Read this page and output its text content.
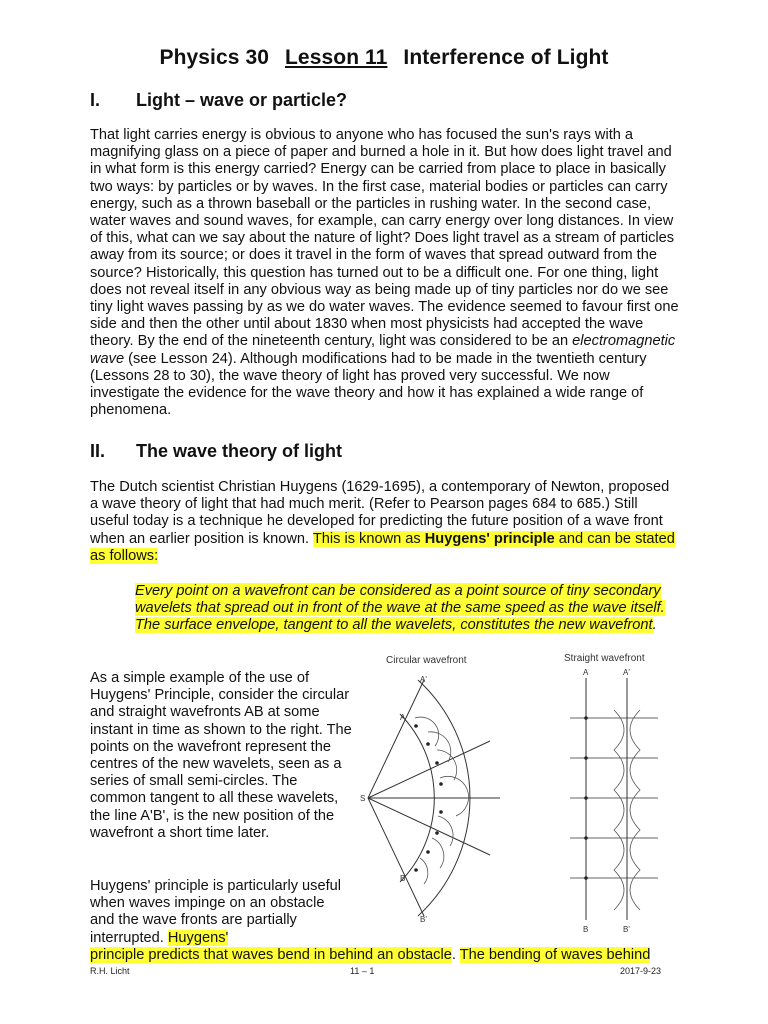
Physics 30 Lesson 11 Interference of Light
I. Light – wave or particle?

That light carries energy is obvious to anyone who has focused the sun's rays with a magnifying glass on a piece of paper and burned a hole in it. But how does light travel and in what form is this energy carried? Energy can be carried from place to place in basically two ways: by particles or by waves. In the first case, material bodies or particles can carry energy, such as a thrown baseball or the particles in rushing water. In the second case, water waves and sound waves, for example, can carry energy over long distances. In view of this, what can we say about the nature of light? Does light travel as a stream of particles away from its source; or does it travel in the form of waves that spread outward from the source? Historically, this question has turned out to be a difficult one. For one thing, light does not reveal itself in any obvious way as being made up of tiny particles nor do we see tiny light waves passing by as we do water waves. The evidence seemed to favour first one side and then the other until about 1830 when most physicists had accepted the wave theory. By the end of the nineteenth century, light was considered to be an electromagnetic wave (see Lesson 24). Although modifications had to be made in the twentieth century (Lessons 28 to 30), the wave theory of light has proved very successful. We now investigate the evidence for the wave theory and how it has explained a wide range of phenomena.

II. The wave theory of light

The Dutch scientist Christian Huygens (1629-1695), a contemporary of Newton, proposed a wave theory of light that had much merit. (Refer to Pearson pages 684 to 685.) Still useful today is a technique he developed for predicting the future position of a wave front when an earlier position is known. This is known as Huygens' principle and can be stated as follows:

Every point on a wavefront can be considered as a point source of tiny secondary wavelets that spread out in front of the wave at the same speed as the wave itself. The surface envelope, tangent to all the wavelets, constitutes the new wavefront.

As a simple example of the use of Huygens' Principle, consider the circular and straight wavefronts AB at some instant in time as shown to the right. The points on the wavefront represent the centres of the new wavelets, seen as a series of small semi-circles. The common tangent to all these wavelets, the line A'B', is the new position of the wavefront a short time later.

Huygens' principle is particularly useful when waves impinge on an obstacle and the wave fronts are partially interrupted. Huygens'

principle predicts that waves bend in behind an obstacle. The bending of waves behind
Circular wavefront
A'
A
S
B
B'
Straight wavefront
A	A'
B	B'
R.H. Licht	11 – 1	2017-9-23
